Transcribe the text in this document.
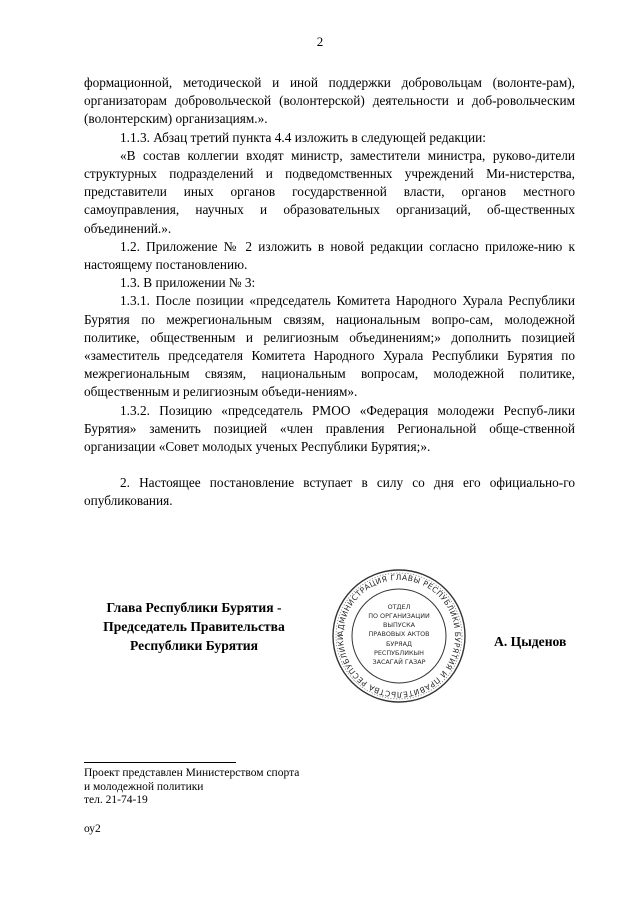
2

формационной, методической и иной поддержки добровольцам (волонте-рам), организаторам добровольческой (волонтерской) деятельности и доб-ровольческим (волонтерским) организациям.».

1.1.3. Абзац третий пункта 4.4 изложить в следующей редакции:

«В состав коллегии входят министр, заместители министра, руково-дители структурных подразделений и подведомственных учреждений Ми-нистерства, представители иных органов государственной власти, органов местного самоуправления, научных и образовательных организаций, об-щественных объединений.».

1.2. Приложение № 2 изложить в новой редакции согласно приложе-нию к настоящему постановлению.

1.3. В приложении № 3:

1.3.1. После позиции «председатель Комитета Народного Хурала Республики Бурятия по межрегиональным связям, национальным вопро-сам, молодежной политике, общественным и религиозным объединениям;» дополнить позицией «заместитель председателя Комитета Народного Хурала Республики Бурятия по межрегиональным связям, национальным вопросам, молодежной политике, общественным и религиозным объеди-нениям».

1.3.2. Позицию «председатель РМОО «Федерация молодежи Респуб-лики Бурятия» заменить позицией «член правления Региональной обще-ственной организации «Совет молодых ученых Республики Бурятия;».

2. Настоящее постановление вступает в силу со дня его официально-го опубликования.

Глава Республики Бурятия -
Председатель Правительства
Республики Бурятия
АДМИНИСТРАЦИЯ ГЛАВЫ РЕСПУБЛИКИ БУРЯТИЯ И ПРАВИТЕЛЬСТВА РЕСПУБЛИКИ
ОТДЕЛ
ПО ОРГАНИЗАЦИИ
ВЫПУСКА
ПРАВОВЫХ АКТОВ
БУРЯАД
РЕСПУБЛИКЫН
ЗАСАГАЙ ГАЗАР
А. Цыденов
Проект представлен Министерством спорта
и молодежной политики
тел. 21-74-19
оу2
